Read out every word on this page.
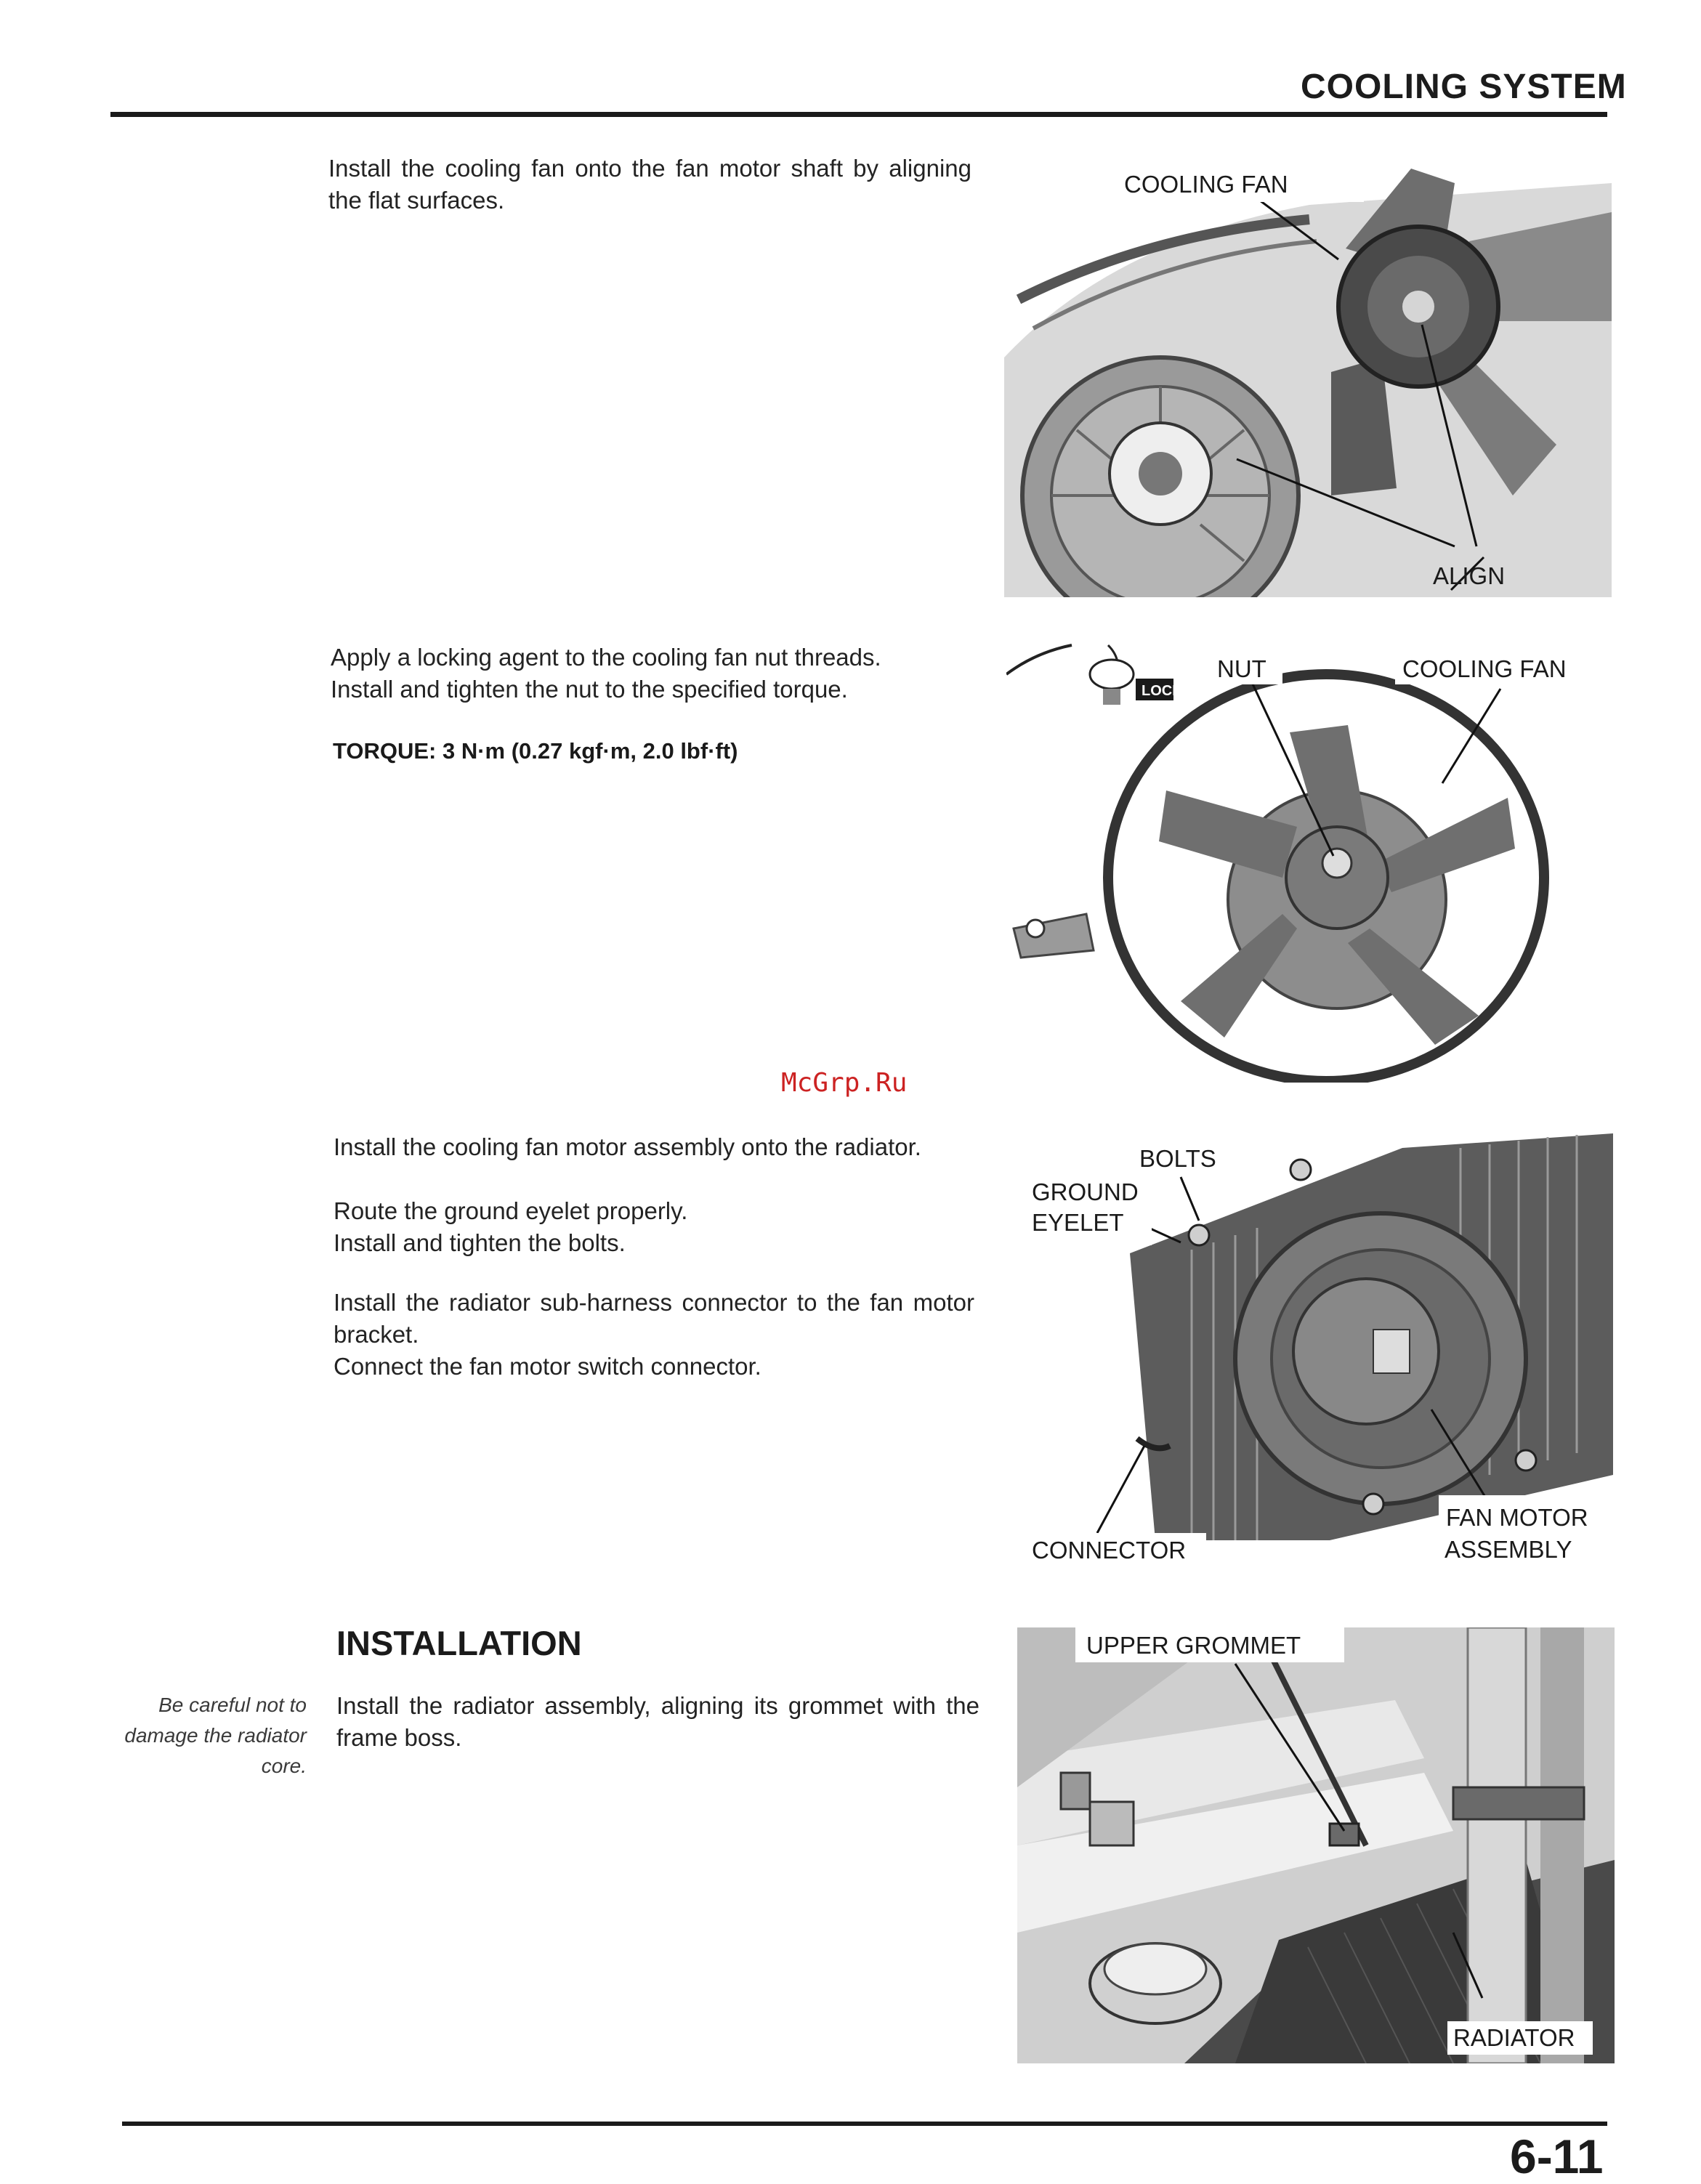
COOLING SYSTEM
Install the cooling fan onto the fan motor shaft by aligning the flat surfaces.
COOLING FAN
ALIGN
Apply a locking agent to the cooling fan nut threads.
Install and tighten the nut to the specified torque.
TORQUE: 3 N·m (0.27 kgf·m, 2.0 lbf·ft)
LOCK
NUT	COOLING FAN
McGrp.Ru
Install the cooling fan motor assembly onto the radiator.
Route the ground eyelet properly.
Install and tighten the bolts.
Install the radiator sub-harness connector to the fan motor bracket.
Connect the fan motor switch connector.
BOLTS
GROUND
EYELET
CONNECTOR
FAN MOTOR
ASSEMBLY
INSTALLATION
Be careful not to damage the radiator core.
Install the radiator assembly, aligning its grommet with the frame boss.
UPPER GROMMET
RADIATOR
6-11
